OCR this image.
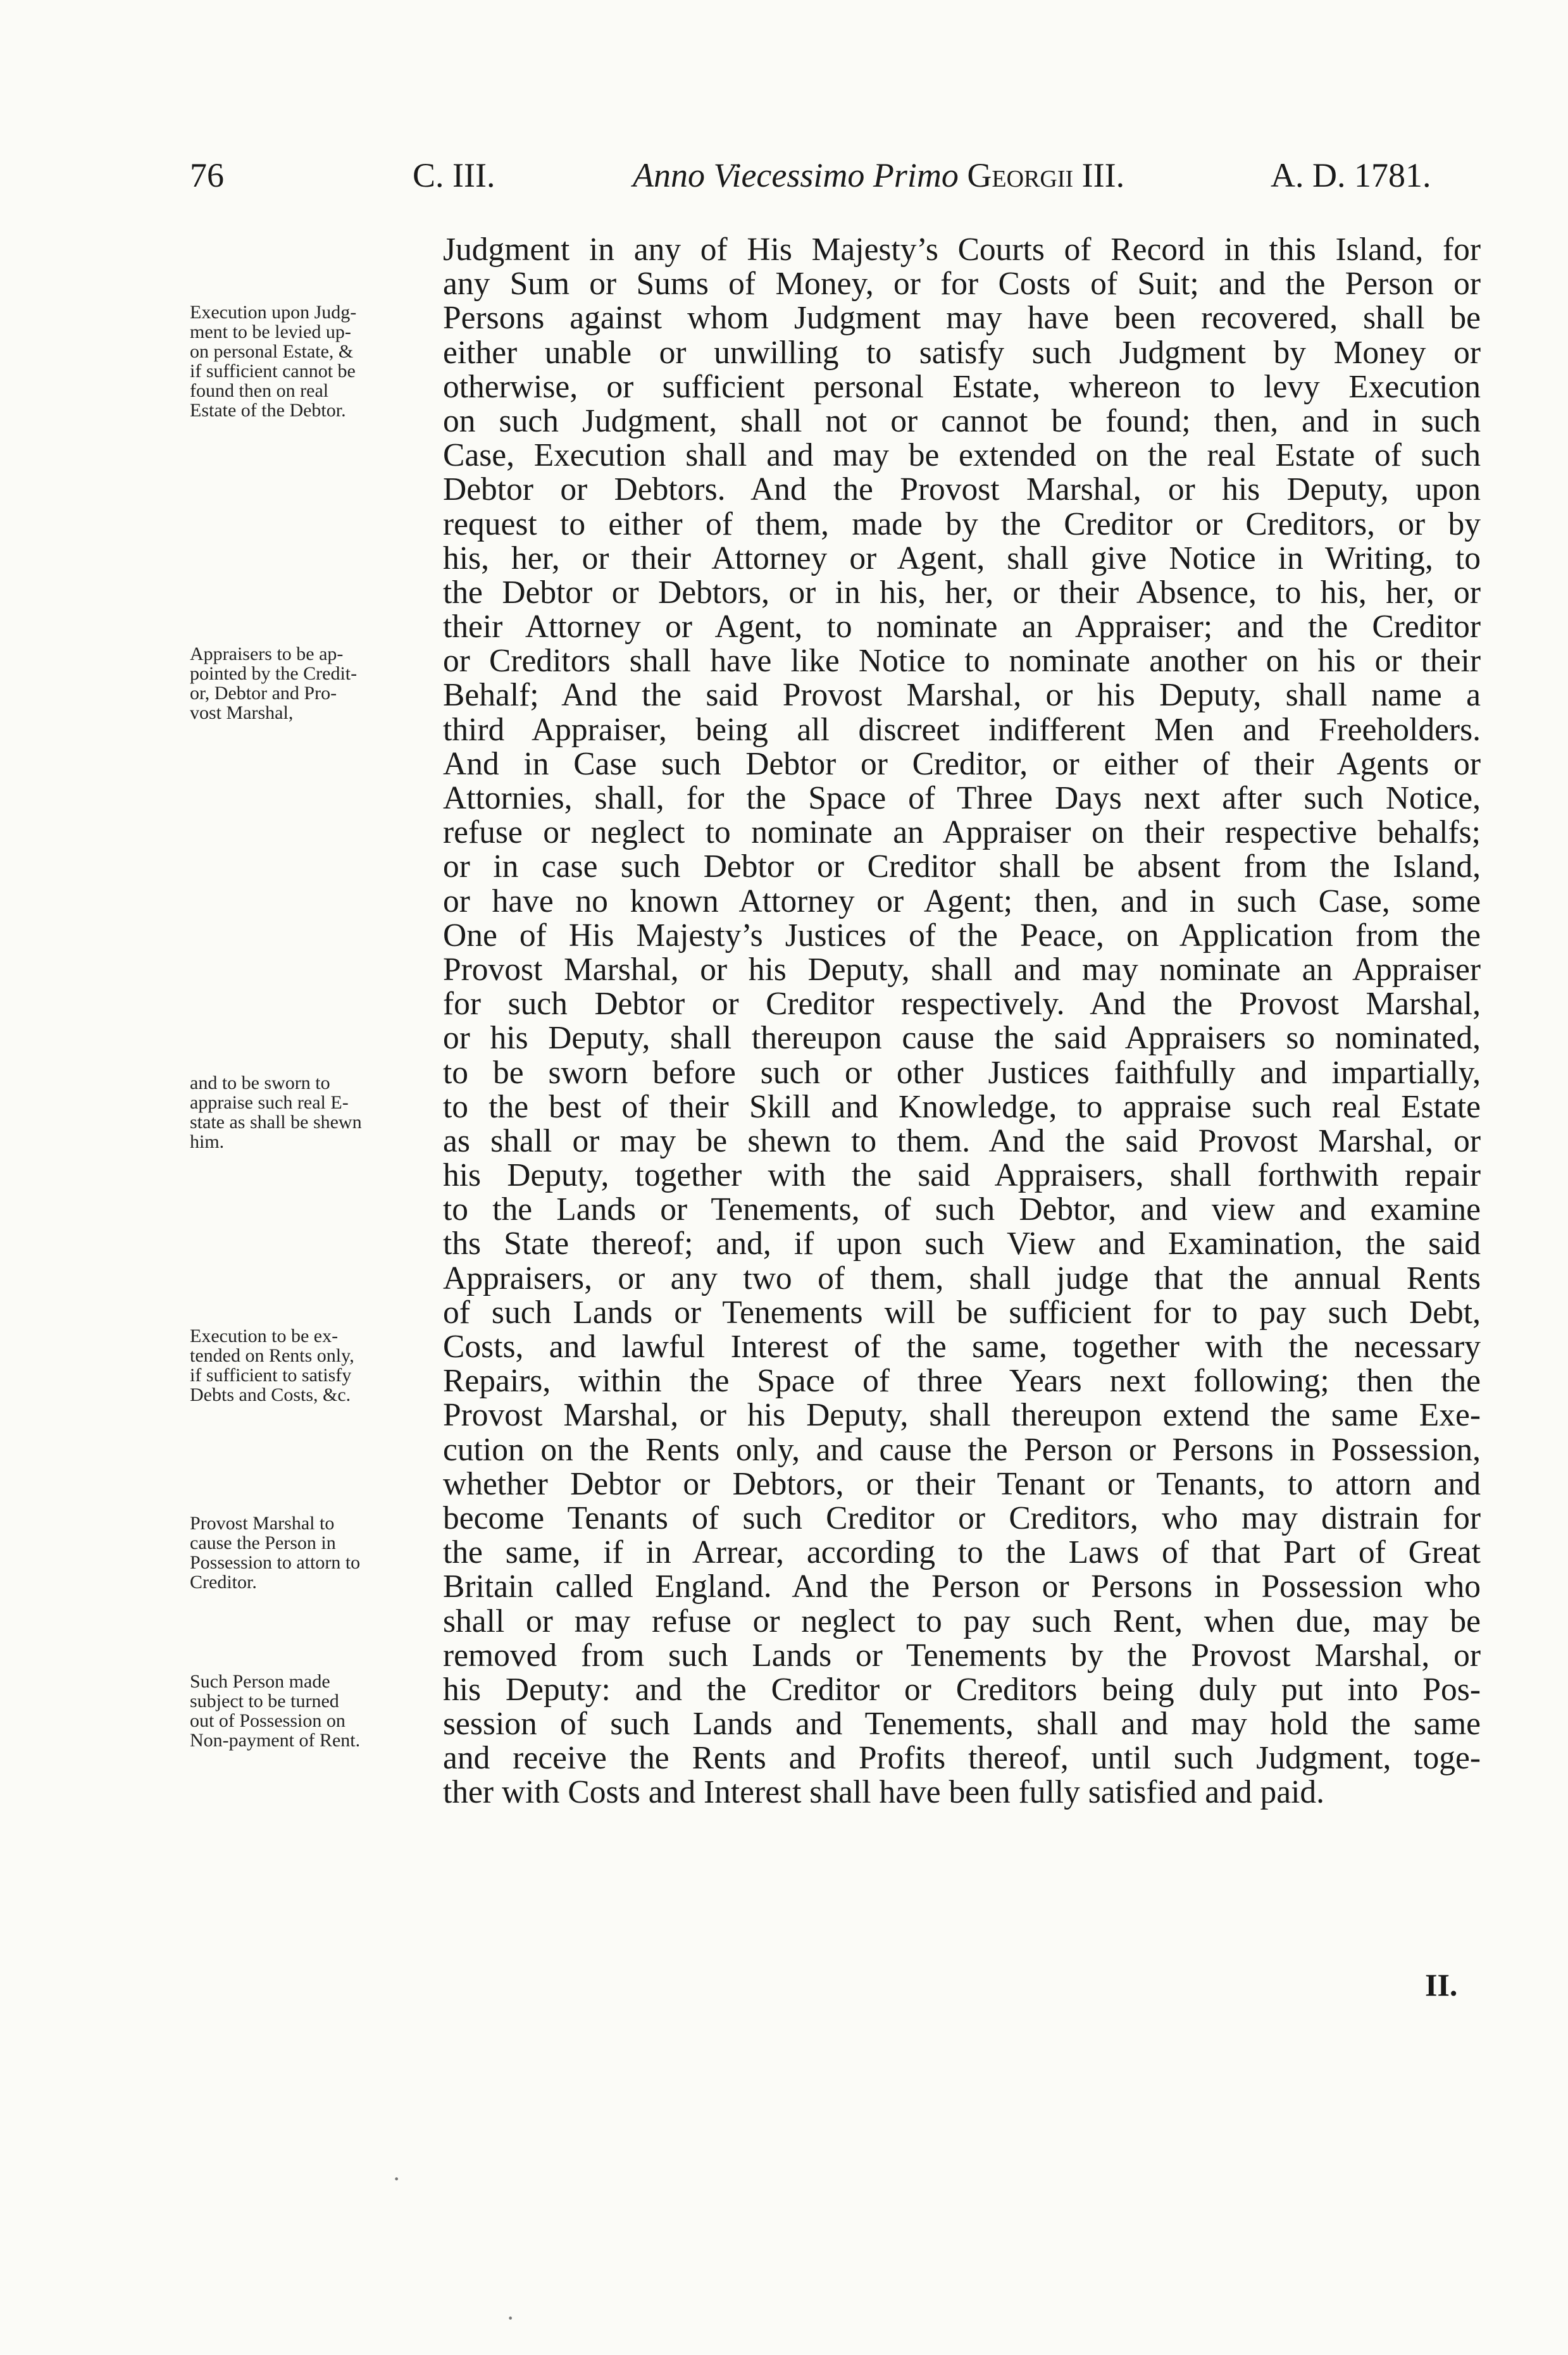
76	C. III.	Anno Viecessimo Primo Georgii III.	A. D. 1781.
Execution upon Judg-
ment to be levied up-
on personal Estate, &
if sufficient cannot be
found then on real
Estate of the Debtor.
Appraisers to be ap-
pointed by the Credit-
or, Debtor and Pro-
vost Marshal,
and to be sworn to
appraise such real E-
state as shall be shewn
him.
Execution to be ex-
tended on Rents only,
if sufficient to satisfy
Debts and Costs, &c.
Provost Marshal to
cause the Person in
Possession to attorn to
Creditor.
Such Person made
subject to be turned
out of Possession on
Non-payment of Rent.
Judgment in any of His Majesty’s Courts of Record in this Island, for
any Sum or Sums of Money, or for Costs of Suit; and the Person or
Persons against whom Judgment may have been recovered, shall be
either unable or unwilling to satisfy such Judgment by Money or
otherwise, or sufficient personal Estate, whereon to levy Execution
on such Judgment, shall not or cannot be found; then, and in such
Case, Execution shall and may be extended on the real Estate of such
Debtor or Debtors. And the Provost Marshal, or his Deputy, upon
request to either of them, made by the Creditor or Creditors, or by
his, her, or their Attorney or Agent, shall give Notice in Writing, to
the Debtor or Debtors, or in his, her, or their Absence, to his, her, or
their Attorney or Agent, to nominate an Appraiser; and the Creditor
or Creditors shall have like Notice to nominate another on his or their
Behalf; And the said Provost Marshal, or his Deputy, shall name a
third Appraiser, being all discreet indifferent Men and Freeholders.
And in Case such Debtor or Creditor, or either of their Agents or
Attornies, shall, for the Space of Three Days next after such Notice,
refuse or neglect to nominate an Appraiser on their respective behalfs;
or in case such Debtor or Creditor shall be absent from the Island,
or have no known Attorney or Agent; then, and in such Case, some
One of His Majesty’s Justices of the Peace, on Application from the
Provost Marshal, or his Deputy, shall and may nominate an Appraiser
for such Debtor or Creditor respectively. And the Provost Marshal,
or his Deputy, shall thereupon cause the said Appraisers so nominated,
to be sworn before such or other Justices faithfully and impartially,
to the best of their Skill and Knowledge, to appraise such real Estate
as shall or may be shewn to them. And the said Provost Marshal, or
his Deputy, together with the said Appraisers, shall forthwith repair
to the Lands or Tenements, of such Debtor, and view and examine
ths State thereof; and, if upon such View and Examination, the said
Appraisers, or any two of them, shall judge that the annual Rents
of such Lands or Tenements will be sufficient for to pay such Debt,
Costs, and lawful Interest of the same, together with the necessary
Repairs, within the Space of three Years next following; then the
Provost Marshal, or his Deputy, shall thereupon extend the same Exe-
cution on the Rents only, and cause the Person or Persons in Possession,
whether Debtor or Debtors, or their Tenant or Tenants, to attorn and
become Tenants of such Creditor or Creditors, who may distrain for
the same, if in Arrear, according to the Laws of that Part of Great
Britain called England. And the Person or Persons in Possession who
shall or may refuse or neglect to pay such Rent, when due, may be
removed from such Lands or Tenements by the Provost Marshal, or
his Deputy: and the Creditor or Creditors being duly put into Pos-
session of such Lands and Tenements, shall and may hold the same
and receive the Rents and Profits thereof, until such Judgment, toge-
ther with Costs and Interest shall have been fully satisfied and paid.
II.
·
·
